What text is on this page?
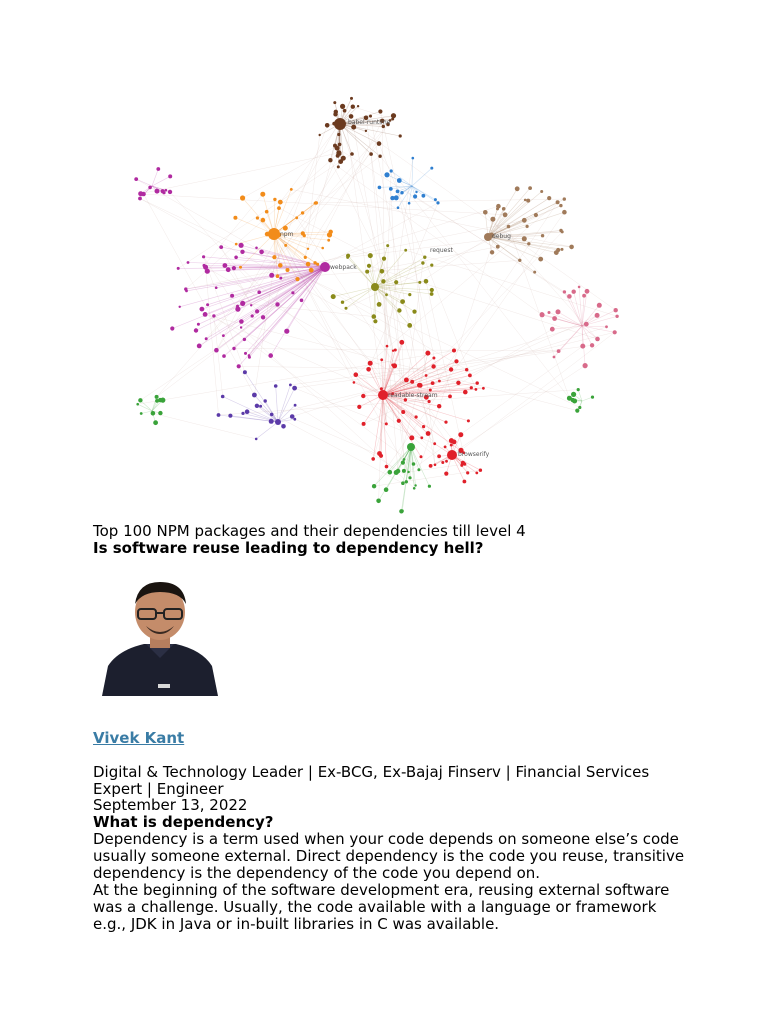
babel-runtime
npm
webpack
readable-stream
browserify
debug
request
Top 100 NPM packages and their dependencies till level 4
Is software reuse leading to dependency hell?
Vivek Kant
Digital & Technology Leader | Ex-BCG, Ex-Bajaj Finserv | Financial Services Expert | Engineer
September 13, 2022
What is dependency?
Dependency is a term used when your code depends on someone else’s code usually someone external. Direct dependency is the code you reuse, transitive dependency is the dependency of the code you depend on.
At the beginning of the software development era, reusing external software was a challenge. Usually, the code available with a language or framework e.g., JDK in Java or in-built libraries in C was available.
